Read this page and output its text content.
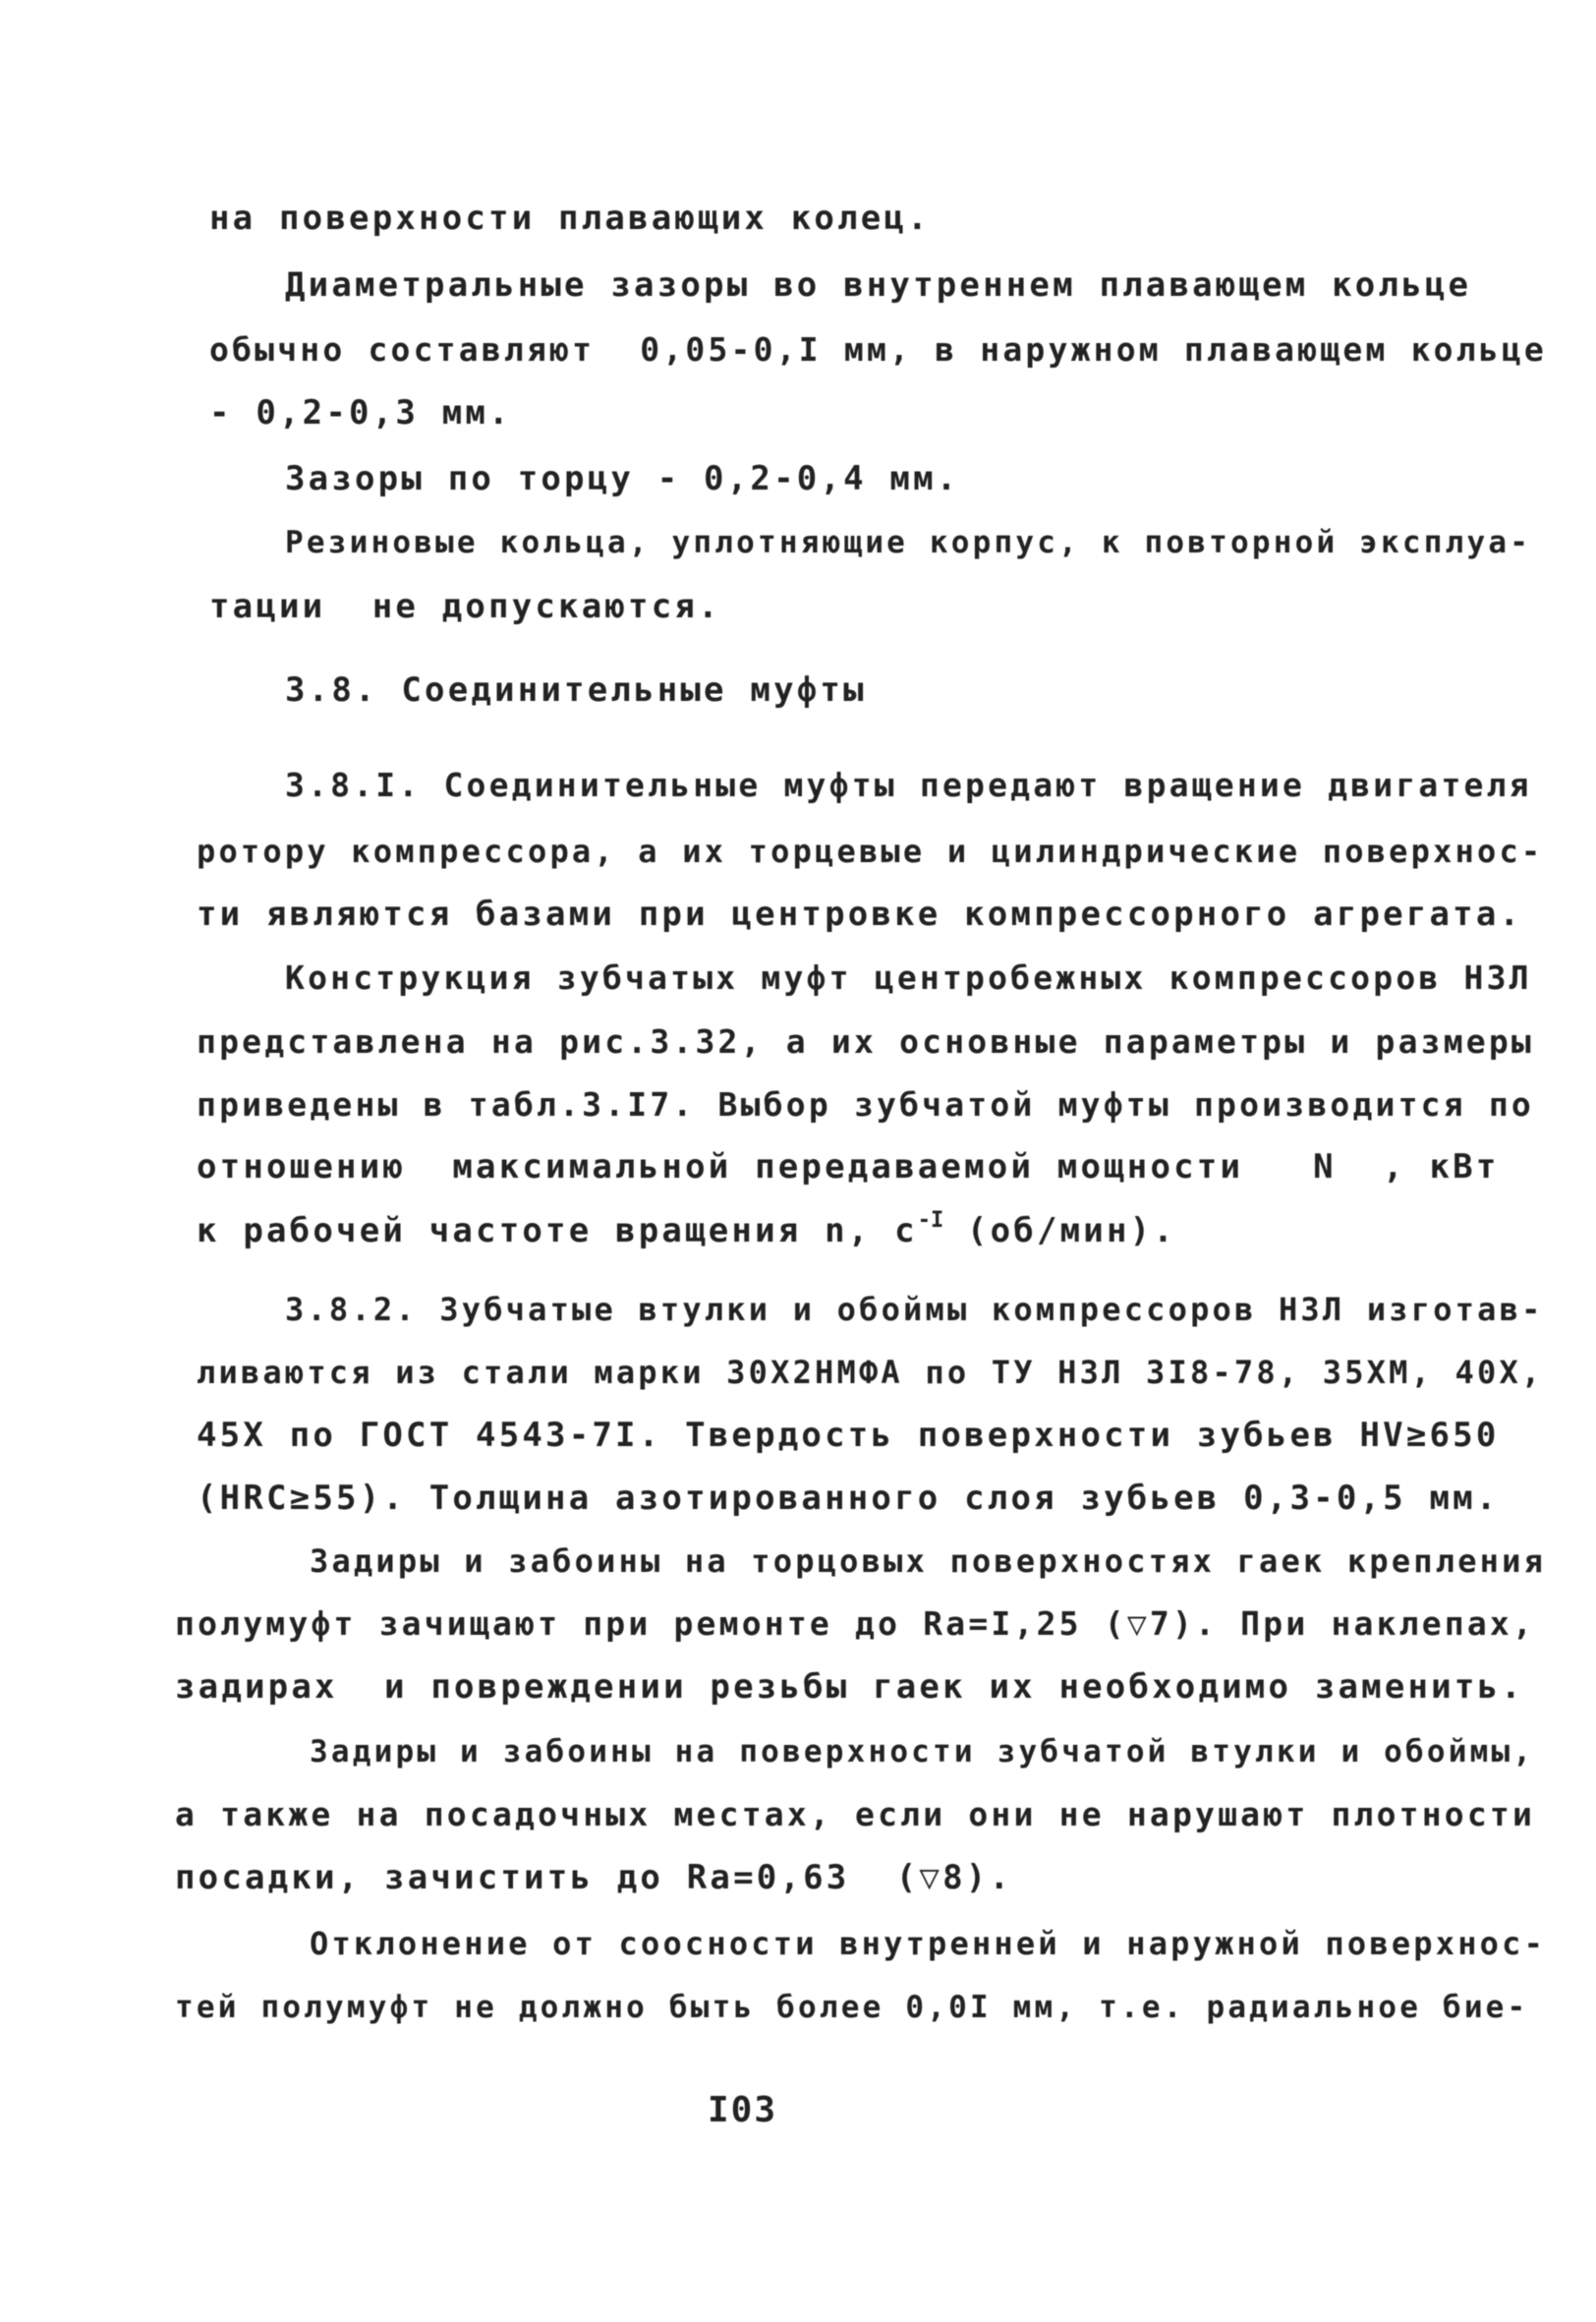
на поверхности плавающих колец.

Диаметральные зазоры во внутреннем плавающем кольце

обычно составляют  0,05-0,I мм, в наружном плавающем кольце

- 0,2-0,3 мм.

Зазоры по торцу - 0,2-0,4 мм.

Резиновые кольца, уплотняющие корпус, к повторной эксплуа-

тации  не допускаются.

3.8. Соединительные муфты

3.8.I. Соединительные муфты передают вращение двигателя

ротору компрессора, а их торцевые и цилиндрические поверхнос-

ти являются базами при центровке компрессорного агрегата.

Конструкция зубчатых муфт центробежных компрессоров НЗЛ

представлена на рис.3.32, а их основные параметры и размеры

приведены в табл.3.I7. Выбор зубчатой муфты производится по

отношению  максимальной передаваемой мощности   N  , кВт

к рабочей частоте вращения n, $c^{-I}$ (об/мин).

3.8.2. Зубчатые втулки и обоймы компрессоров НЗЛ изготав-

ливаются из стали марки 30Х2НМФА по ТУ НЗЛ 3I8-78, 35ХМ, 40Х,

45Х по ГОСТ 4543-7I. Твердость поверхности зубьев HV≥650

(HRC≥55). Толщина азотированного слоя зубьев 0,3-0,5 мм.

Задиры и забоины на торцовых поверхностях гаек крепления

полумуфт зачищают при ремонте до Ra=I,25 (▽7). При наклепах,

задирах  и повреждении резьбы гаек их необходимо заменить.

Задиры и забоины на поверхности зубчатой втулки и обоймы,

а также на посадочных местах, если они не нарушают плотности

посадки, зачистить до Ra=0,63  (▽8).

Отклонение от соосности внутренней и наружной поверхнос-

тей полумуфт не должно быть более 0,0I мм, т.е. радиальное бие-

I03
